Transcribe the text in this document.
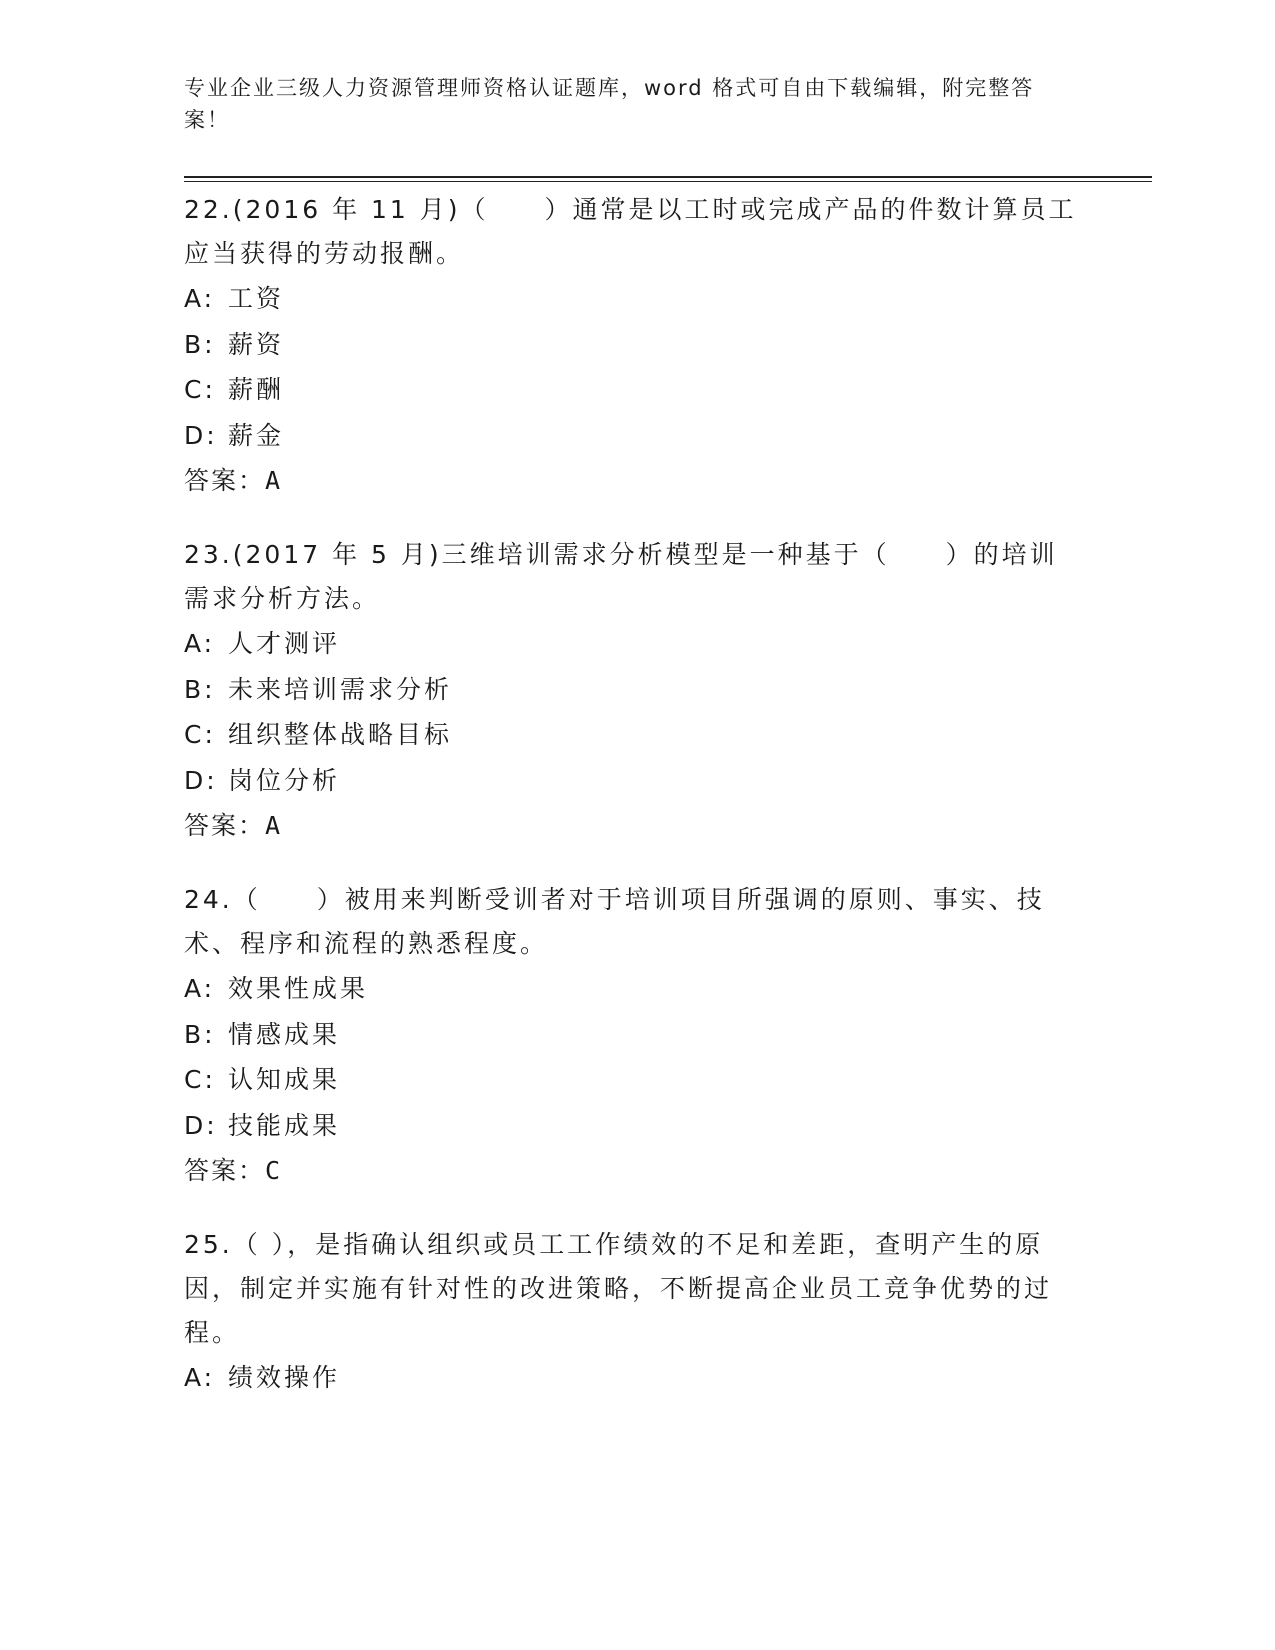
专业企业三级人力资源管理师资格认证题库，word 格式可自由下载编辑，附完整答案！

22.(2016 年 11 月)（　　）通常是以工时或完成产品的件数计算员工应当获得的劳动报酬。

A: 工资
B: 薪资
C: 薪酬
D: 薪金
答案：A

23.(2017 年 5 月)三维培训需求分析模型是一种基于（　　）的培训需求分析方法。

A: 人才测评
B: 未来培训需求分析
C: 组织整体战略目标
D: 岗位分析
答案：A

24.（　　）被用来判断受训者对于培训项目所强调的原则、事实、技术、程序和流程的熟悉程度。

A: 效果性成果
B: 情感成果
C: 认知成果
D: 技能成果
答案：C

25.（ ），是指确认组织或员工工作绩效的不足和差距，查明产生的原因，制定并实施有针对性的改进策略，不断提高企业员工竞争优势的过程。

A: 绩效操作
